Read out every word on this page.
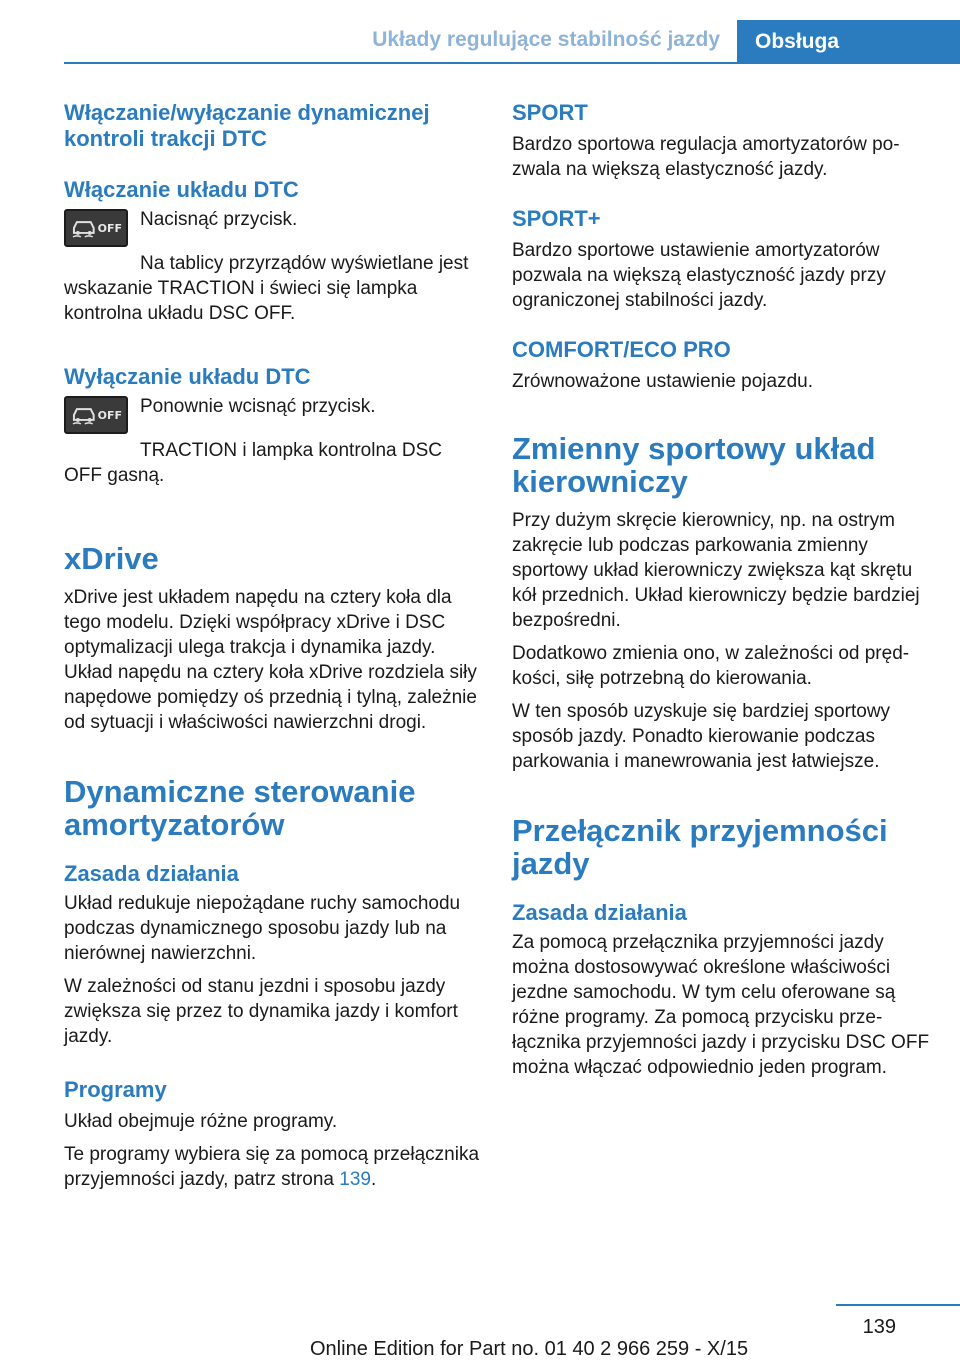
Układy regulujące stabilność jazdy	Obsługa
Włączanie/wyłączanie dynamicznej kontroli trakcji DTC
Włączanie układu DTC
OFF Nacisnąć przycisk.

Na tablicy przyrządów wyświetlane jest wskazanie TRACTION i świeci się lampka kontrolna układu DSC OFF.

Wyłączanie układu DTC
OFF Ponownie wcisnąć przycisk.

TRACTION i lampka kontrolna DSC OFF gasną.

xDrive

xDrive jest układem napędu na cztery koła dla tego modelu. Dzięki współpracy xDrive i DSC optymalizacji ulega trakcja i dynamika jazdy. Układ napędu na cztery koła xDrive rozdziela siły napędowe pomiędzy oś przednią i tylną, zależnie od sytuacji i właściwości nawierzchni drogi.

Dynamiczne sterowanie amortyzatorów
Zasada działania

Układ redukuje niepożądane ruchy samochodu podczas dynamicznego sposobu jazdy lub na nierównej nawierzchni.

W zależności od stanu jezdni i sposobu jazdy zwiększa się przez to dynamika jazdy i komfort jazdy.

Programy

Układ obejmuje różne programy.

Te programy wybiera się za pomocą przełącznika przyjemności jazdy, patrz strona 139.

SPORT

Bardzo sportowa regulacja amortyzatorów pozwala na większą elastyczność jazdy.

SPORT+

Bardzo sportowe ustawienie amortyzatorów pozwala na większą elastyczność jazdy przy ograniczonej stabilności jazdy.

COMFORT/ECO PRO

Zrównoważone ustawienie pojazdu.

Zmienny sportowy układ kierowniczy

Przy dużym skręcie kierownicy, np. na ostrym zakręcie lub podczas parkowania zmienny sportowy układ kierowniczy zwiększa kąt skrętu kół przednich. Układ kierowniczy będzie bardziej bezpośredni.

Dodatkowo zmienia ono, w zależności od prędkości, siłę potrzebną do kierowania.

W ten sposób uzyskuje się bardziej sportowy sposób jazdy. Ponadto kierowanie podczas parkowania i manewrowania jest łatwiejsze.

Przełącznik przyjemności jazdy
Zasada działania

Za pomocą przełącznika przyjemności jazdy można dostosowywać określone właściwości jezdne samochodu. W tym celu oferowane są różne programy. Za pomocą przycisku przełącznika przyjemności jazdy i przycisku DSC OFF można włączać odpowiednio jeden program.

139
Online Edition for Part no. 01 40 2 966 259 - X/15
